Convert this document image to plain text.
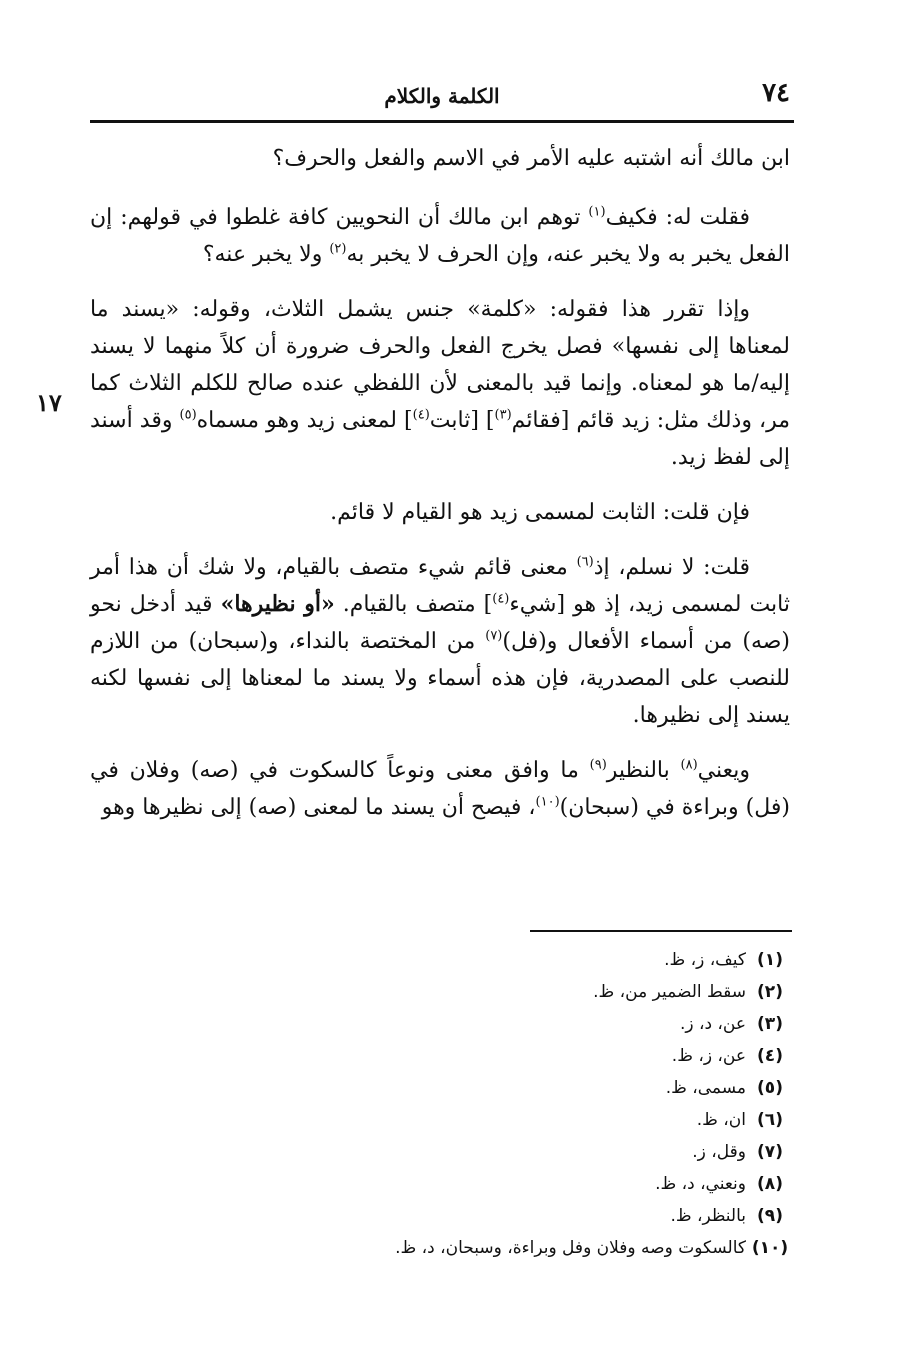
٧٤
الكلمة والكلام
١٧

ابن مالك أنه اشتبه عليه الأمر في الاسم والفعل والحرف؟

فقلت له: فكيف$^{(١)}$ توهم ابن مالك أن النحويين كافة غلطوا في قولهم: إن الفعل يخبر به ولا يخبر عنه، وإن الحرف لا يخبر به$^{(٢)}$ ولا يخبر عنه؟

وإذا تقرر هذا فقوله: «كلمة» جنس يشمل الثلاث، وقوله: «يسند ما لمعناها إلى نفسها» فصل يخرج الفعل والحرف ضرورة أن كلاً منهما لا يسند إليه/ما هو لمعناه. وإنما قيد بالمعنى لأن اللفظي عنده صالح للكلم الثلاث كما مر، وذلك مثل: زيد قائم [فقائم$^{(٣)}$] [ثابت$^{(٤)}$] لمعنى زيد وهو مسماه$^{(٥)}$ وقد أسند إلى لفظ زيد.

فإن قلت: الثابت لمسمى زيد هو القيام لا قائم.

قلت: لا نسلم، إذ$^{(٦)}$ معنى قائم شيء متصف بالقيام، ولا شك أن هذا أمر ثابت لمسمى زيد، إذ هو [شيء$^{(٤)}$] متصف بالقيام. «أو نظيرها» قيد أدخل نحو (صه) من أسماء الأفعال و(فل)$^{(٧)}$ من المختصة بالنداء، و(سبحان) من اللازم للنصب على المصدرية، فإن هذه أسماء ولا يسند ما لمعناها إلى نفسها لكنه يسند إلى نظيرها.

ويعني$^{(٨)}$ بالنظير$^{(٩)}$ ما وافق معنى ونوعاً كالسكوت في (صه) وفلان في (فل) وبراءة في (سبحان)$^{(١٠)}$، فيصح أن يسند ما لمعنى (صه) إلى نظيرها وهو

(١)
كيف، ز، ظ.
(٢)
سقط الضمير من، ظ.
(٣)
عن، د، ز.
(٤)
عن، ز، ظ.
(٥)
مسمى، ظ.
(٦)
ان، ظ.
(٧)
وقل، ز.
(٨)
ونعني، د، ظ.
(٩)
بالنظر، ظ.
(١٠)
كالسكوت وصه وفلان وفل وبراءة، وسبحان، د، ظ.
